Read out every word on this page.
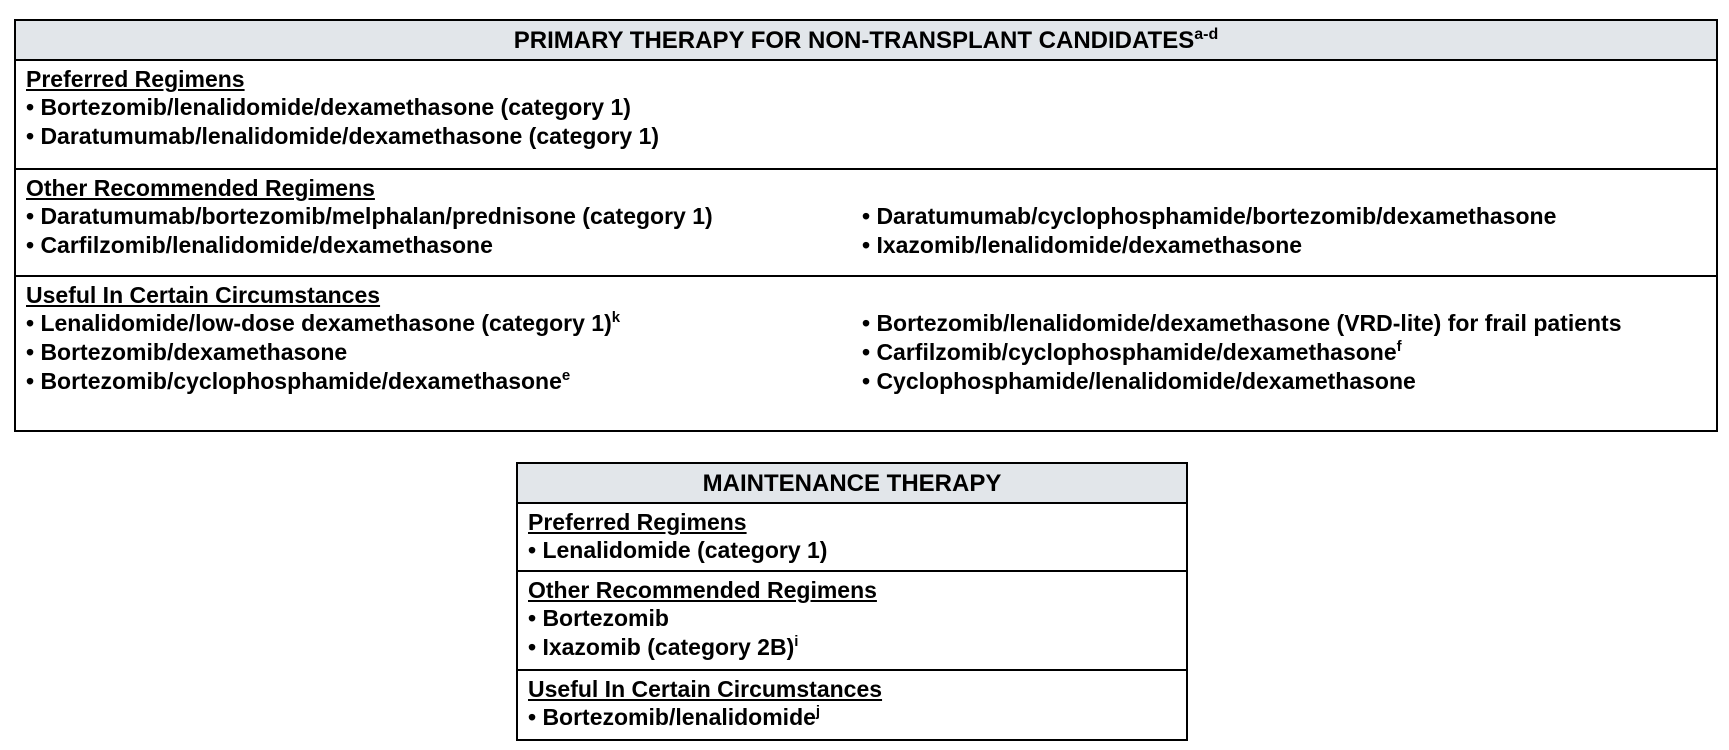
PRIMARY THERAPY FOR NON-TRANSPLANT CANDIDATES$^{a-d}$
Preferred Regimens
• Bortezomib/lenalidomide/dexamethasone (category 1)
• Daratumumab/lenalidomide/dexamethasone (category 1)
Other Recommended Regimens
• Daratumumab/bortezomib/melphalan/prednisone (category 1)
• Carfilzomib/lenalidomide/dexamethasone
• Daratumumab/cyclophosphamide/bortezomib/dexamethasone
• Ixazomib/lenalidomide/dexamethasone
Useful In Certain Circumstances
• Lenalidomide/low-dose dexamethasone (category 1)$^k$
• Bortezomib/dexamethasone
• Bortezomib/cyclophosphamide/dexamethasone$^e$
• Bortezomib/lenalidomide/dexamethasone (VRD-lite) for frail patients
• Carfilzomib/cyclophosphamide/dexamethasone$^f$
• Cyclophosphamide/lenalidomide/dexamethasone
MAINTENANCE THERAPY
Preferred Regimens
• Lenalidomide (category 1)
Other Recommended Regimens
• Bortezomib
• Ixazomib (category 2B)$^i$
Useful In Certain Circumstances
• Bortezomib/lenalidomide$^j$
